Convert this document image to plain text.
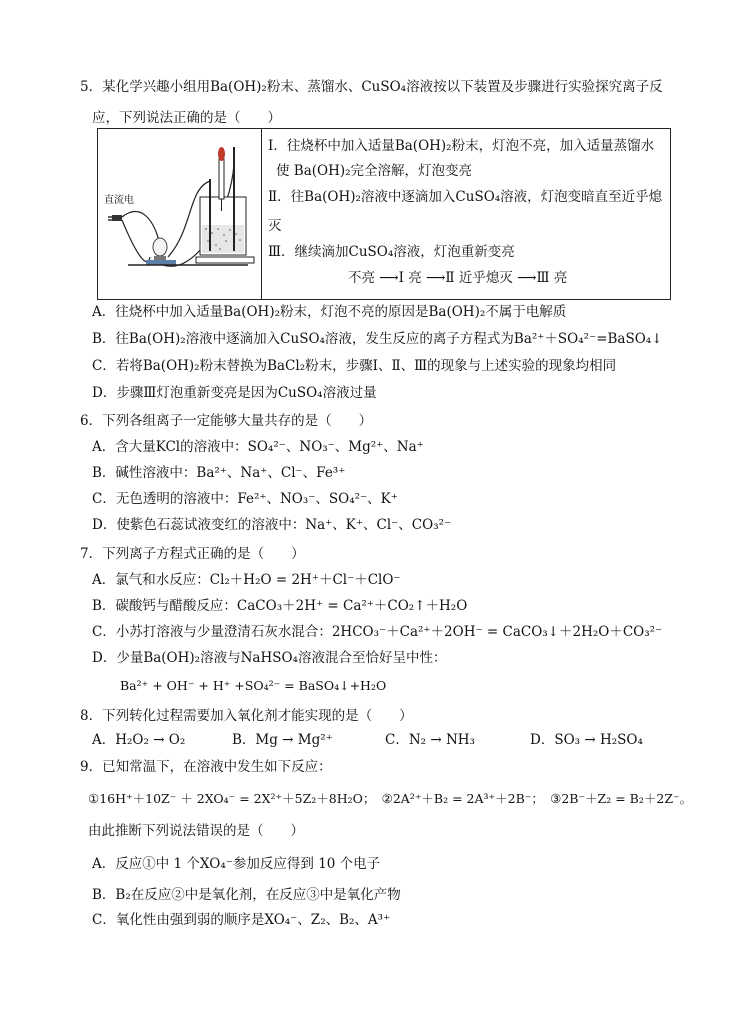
5．某化学兴趣小组用Ba(OH)₂粉末、蒸馏水、CuSO₄溶液按以下装置及步骤进行实验探究离子反
应，下列说法正确的是（　　）
直流电
Ⅰ．往烧杯中加入适量Ba(OH)₂粉末，灯泡不亮，加入适量蒸馏水
使 Ba(OH)₂完全溶解，灯泡变亮
Ⅱ．往Ba(OH)₂溶液中逐滴加入CuSO₄溶液，灯泡变暗直至近乎熄
灭
Ⅲ．继续滴加CuSO₄溶液，灯泡重新变亮
不亮 ⟶Ⅰ 亮 ⟶Ⅱ 近乎熄灭 ⟶Ⅲ 亮
A．往烧杯中加入适量Ba(OH)₂粉末，灯泡不亮的原因是Ba(OH)₂不属于电解质
B．往Ba(OH)₂溶液中逐滴加入CuSO₄溶液，发生反应的离子方程式为Ba²⁺＋SO₄²⁻=BaSO₄↓
C．若将Ba(OH)₂粉末替换为BaCl₂粉末，步骤Ⅰ、Ⅱ、Ⅲ的现象与上述实验的现象均相同
D．步骤Ⅲ灯泡重新变亮是因为CuSO₄溶液过量
6．下列各组离子一定能够大量共存的是（　　）
A．含大量KCl的溶液中：SO₄²⁻、NO₃⁻、Mg²⁺、Na⁺
B．碱性溶液中：Ba²⁺、Na⁺、Cl⁻、Fe³⁺
C．无色透明的溶液中：Fe²⁺、NO₃⁻、SO₄²⁻、K⁺
D．使紫色石蕊试液变红的溶液中：Na⁺、K⁺、Cl⁻、CO₃²⁻
7．下列离子方程式正确的是（　　）
A．氯气和水反应：Cl₂＋H₂O = 2H⁺＋Cl⁻＋ClO⁻
B．碳酸钙与醋酸反应：CaCO₃＋2H⁺ = Ca²⁺＋CO₂↑＋H₂O
C．小苏打溶液与少量澄清石灰水混合：2HCO₃⁻＋Ca²⁺＋2OH⁻ = CaCO₃↓＋2H₂O＋CO₃²⁻
D．少量Ba(OH)₂溶液与NaHSO₄溶液混合至恰好呈中性：
Ba²⁺ + OH⁻ + H⁺ +SO₄²⁻ = BaSO₄↓+H₂O
8．下列转化过程需要加入氧化剂才能实现的是（　　）
A．H₂O₂ → O₂	B．Mg → Mg²⁺	C．N₂ → NH₃	D．SO₃ → H₂SO₄
9．已知常温下，在溶液中发生如下反应：
①16H⁺＋10Z⁻ ＋ 2XO₄⁻ = 2X²⁺＋5Z₂＋8H₂O；　②2A²⁺＋B₂ = 2A³⁺＋2B⁻；　③2B⁻＋Z₂ = B₂＋2Z⁻。
由此推断下列说法错误的是（　　）
A．反应①中 1 个XO₄⁻参加反应得到 10 个电子
B．B₂在反应②中是氧化剂，在反应③中是氧化产物
C．氧化性由强到弱的顺序是XO₄⁻、Z₂、B₂、A³⁺
